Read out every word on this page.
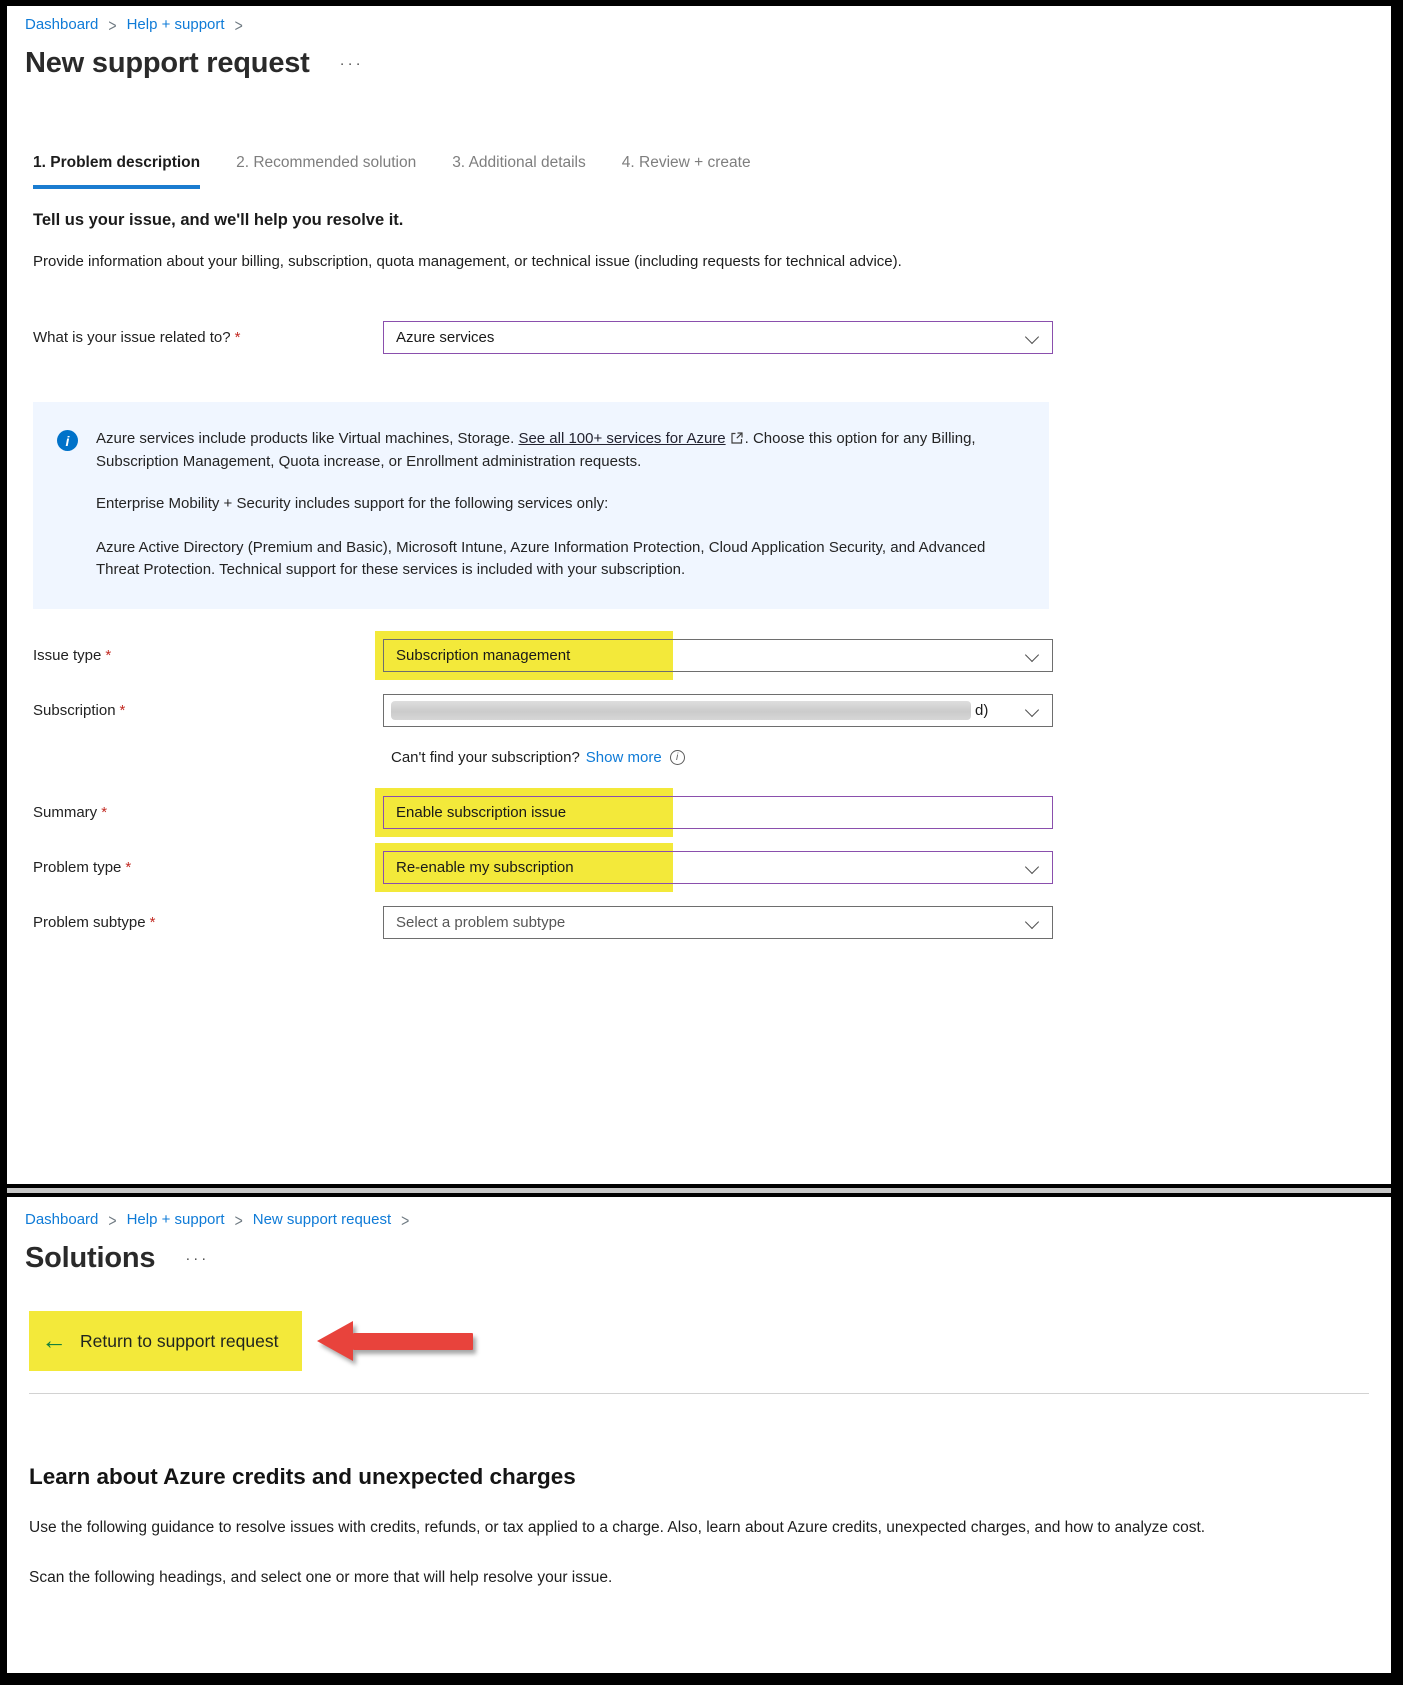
Dashboard > Help + support >
New support request ···
1. Problem description 2. Recommended solution 3. Additional details 4. Review + create
Tell us your issue, and we'll help you resolve it.

Provide information about your billing, subscription, quota management, or technical issue (including requests for technical advice).

What is your issue related to? *	Azure services
i	Azure services include products like Virtual machines, Storage. See all 100+ services for Azure . Choose this option for any Billing, Subscription Management, Quota increase, or Enrollment administration requests.

Enterprise Mobility + Security includes support for the following services only:

Azure Active Directory (Premium and Basic), Microsoft Intune, Azure Information Protection, Cloud Application Security, and Advanced Threat Protection. Technical support for these services is included with your subscription.

Issue type *	Subscription management
Subscription *	d)
Can't find your subscription? Show more	i
Summary *	Enable subscription issue
Problem type *	Re-enable my subscription
Problem subtype *	Select a problem subtype
Dashboard > Help + support > New support request >
Solutions ···
← Return to support request
Learn about Azure credits and unexpected charges

Use the following guidance to resolve issues with credits, refunds, or tax applied to a charge. Also, learn about Azure credits, unexpected charges, and how to analyze cost.

Scan the following headings, and select one or more that will help resolve your issue.
